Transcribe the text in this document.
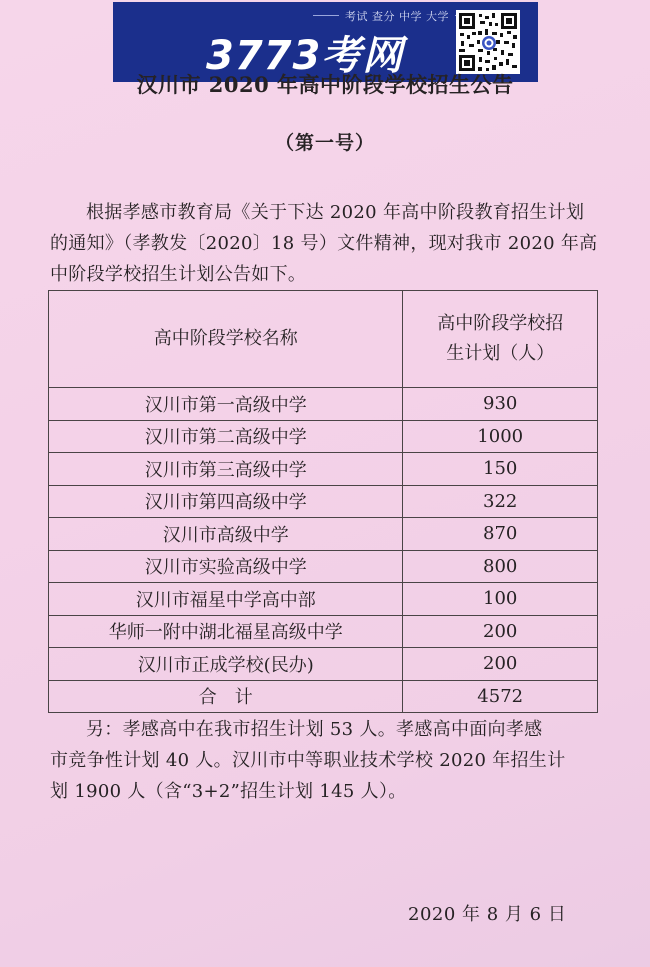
考试 查分 中学 大学
3773考网
汉川市 2020 年高中阶段学校招生公告
（第一号）
根据孝感市教育局《关于下达 2020 年高中阶段教育招生计划
的通知》（孝教发〔2020〕18 号）文件精神，现对我市 2020 年高
中阶段学校招生计划公告如下。
高中阶段学校名称	高中阶段学校招生计划（人）

汉川市第一高级中学	930
汉川市第二高级中学	1000
汉川市第三高级中学	150
汉川市第四高级中学	322
汉川市高级中学	870
汉川市实验高级中学	800
汉川市福星中学高中部	100
华师一附中湖北福星高级中学	200
汉川市正成学校(民办)	200
合　计	4572
另：孝感高中在我市招生计划 53 人。孝感高中面向孝感
市竞争性计划 40 人。汉川市中等职业技术学校 2020 年招生计
划 1900 人（含“3+2”招生计划 145 人）。
2020 年 8 月 6 日
